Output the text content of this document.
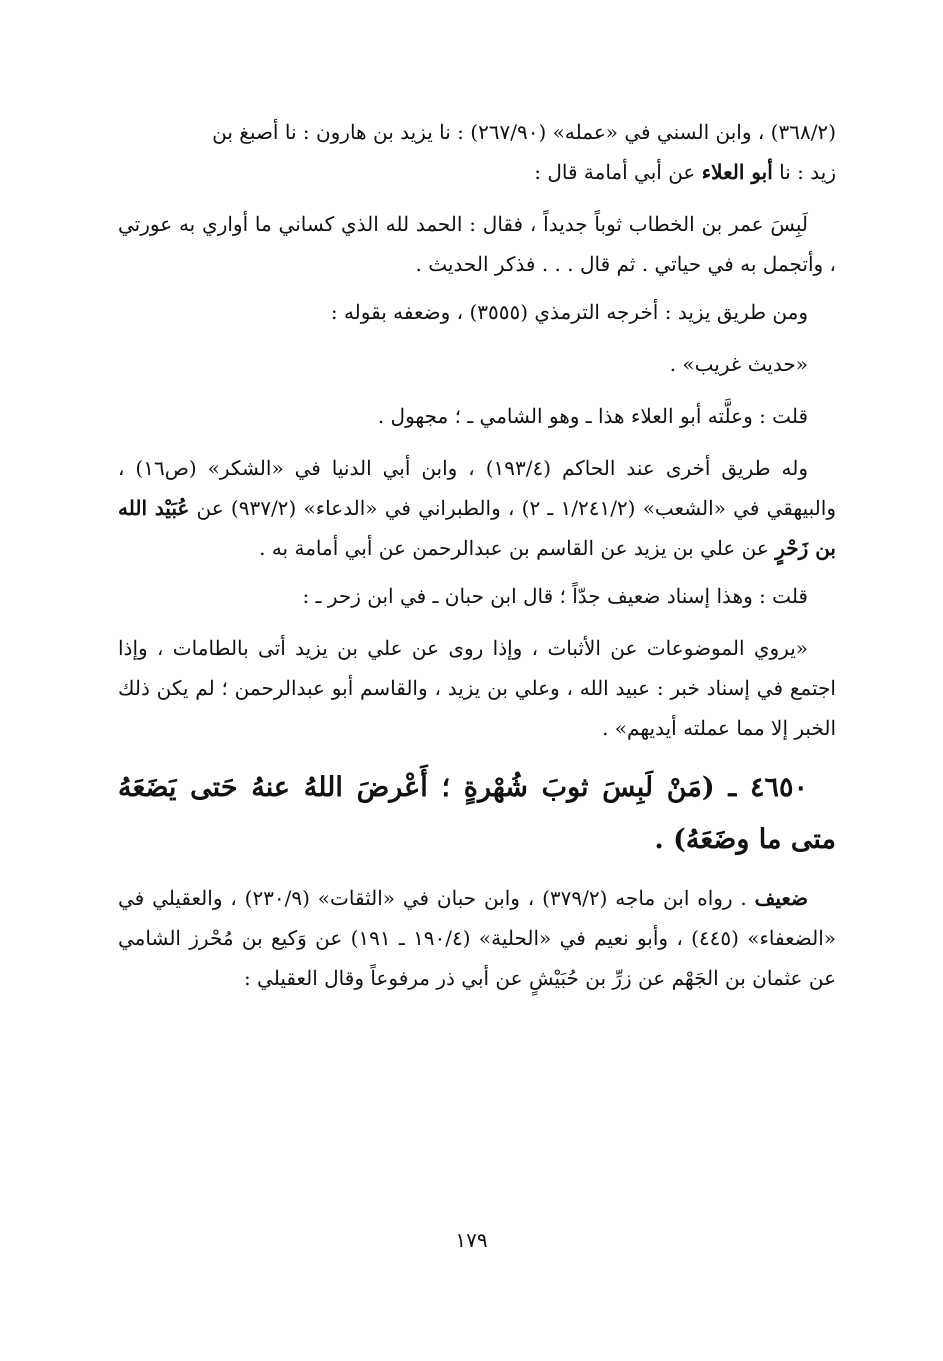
(٣٦٨/٢) ، وابن السني في «عمله» (٢٦٧/٩٠) : نا يزيد بن هارون : نا أصبغ بن
زيد : نا أبو العلاء عن أبي أمامة قال :

لَبِسَ عمر بن الخطاب ثوباً جديداً ، فقال : الحمد لله الذي كساني ما أواري به عورتي ، وأتجمل به في حياتي . ثم قال . . . فذكر الحديث .

ومن طريق يزيد : أخرجه الترمذي (٣٥٥٥) ، وضعفه بقوله :

«حديث غريب» .

قلت : وعلَّته أبو العلاء هذا ـ وهو الشامي ـ ؛ مجهول .

وله طريق أخرى عند الحاكم (١٩٣/٤) ، وابن أبي الدنيا في «الشكر» (ص١٦) ، والبيهقي في «الشعب» (١/٢٤١/٢ ـ ٢) ، والطبراني في «الدعاء» (٩٣٧/٢) عن عُبَيْد الله بن زَحْرٍ عن علي بن يزيد عن القاسم بن عبدالرحمن عن أبي أمامة به .

قلت : وهذا إسناد ضعيف جدّاً ؛ قال ابن حبان ـ في ابن زحر ـ :

«يروي الموضوعات عن الأثبات ، وإذا روى عن علي بن يزيد أتى بالطامات ، وإذا اجتمع في إسناد خبر : عبيد الله ، وعلي بن يزيد ، والقاسم أبو عبدالرحمن ؛ لم يكن ذلك الخبر إلا مما عملته أيديهم» .

٤٦٥٠ ـ (مَنْ لَبِسَ ثوبَ شُهْرةٍ ؛ أَعْرضَ اللهُ عنهُ حَتى يَضَعَهُ متى ما وضَعَهُ) .

ضعيف . رواه ابن ماجه (٣٧٩/٢) ، وابن حبان في «الثقات» (٢٣٠/٩) ، والعقيلي في «الضعفاء» (٤٤٥) ، وأبو نعيم في «الحلية» (١٩٠/٤ ـ ١٩١) عن وَكيع بن مُحْرز الشامي عن عثمان بن الجَهْم عن زرِّ بن حُبَيْشٍ عن أبي ذر مرفوعاً وقال العقيلي :

١٧٩
